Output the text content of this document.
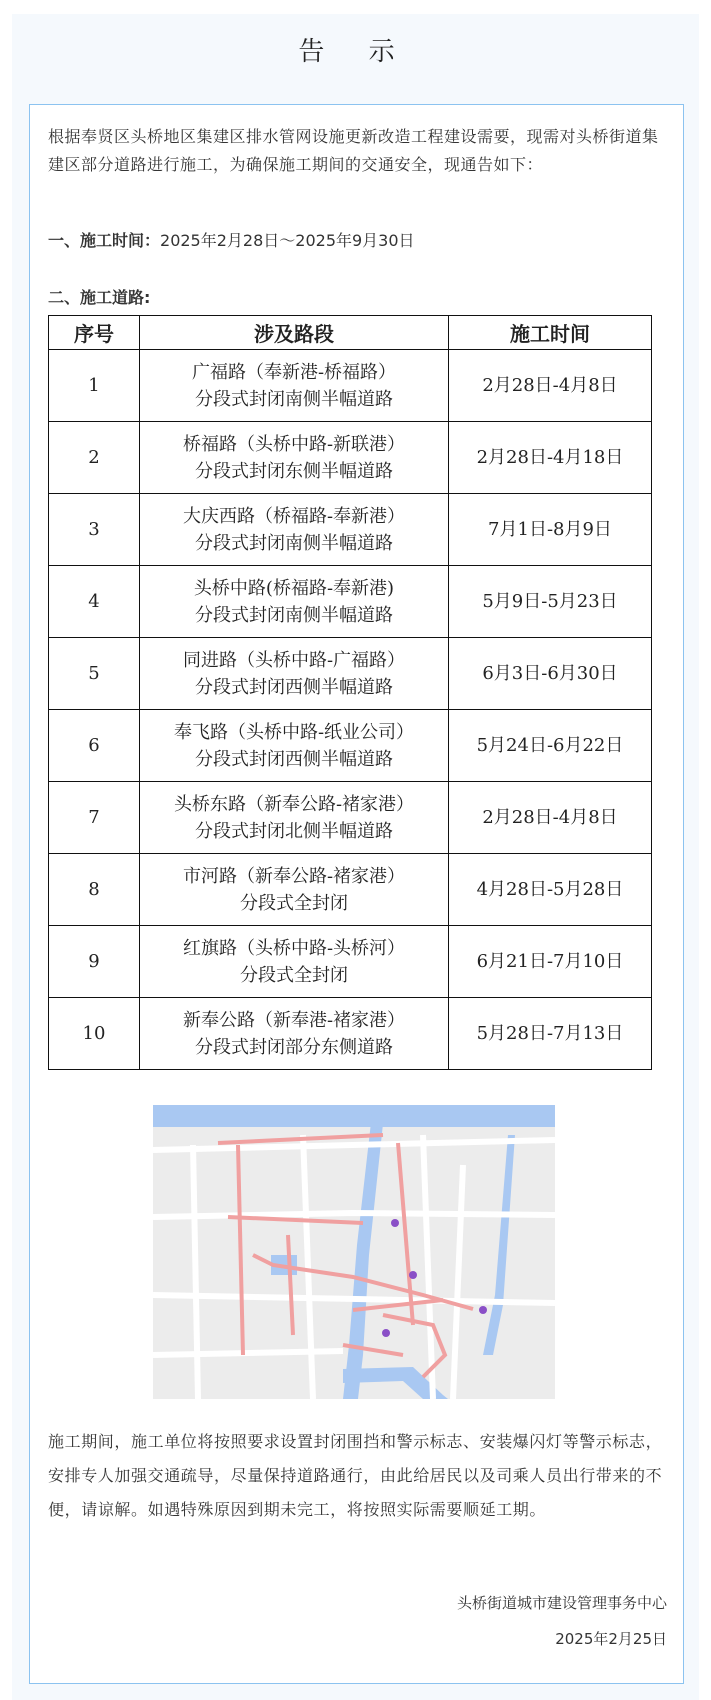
告 示
根据奉贤区头桥地区集建区排水管网设施更新改造工程建设需要，现需对头桥街道集建区部分道路进行施工，为确保施工期间的交通安全，现通告如下：
一、施工时间：2025年2月28日～2025年9月30日
二、施工道路:
序号	涉及路段	施工时间
1	广福路（奉新港-桥福路）
分段式封闭南侧半幅道路	2月28日-4月8日
2	桥福路（头桥中路-新联港）
分段式封闭东侧半幅道路	2月28日-4月18日
3	大庆西路（桥福路-奉新港）
分段式封闭南侧半幅道路	7月1日-8月9日
4	头桥中路(桥福路-奉新港)
分段式封闭南侧半幅道路	5月9日-5月23日
5	同进路（头桥中路-广福路）
分段式封闭西侧半幅道路	6月3日-6月30日
6	奉飞路（头桥中路-纸业公司）
分段式封闭西侧半幅道路	5月24日-6月22日
7	头桥东路（新奉公路-褚家港）
分段式封闭北侧半幅道路	2月28日-4月8日
8	市河路（新奉公路-褚家港）
分段式全封闭	4月28日-5月28日
9	红旗路（头桥中路-头桥河）
分段式全封闭	6月21日-7月10日
10	新奉公路（新奉港-褚家港）
分段式封闭部分东侧道路	5月28日-7月13日
施工期间，施工单位将按照要求设置封闭围挡和警示标志、安装爆闪灯等警示标志，安排专人加强交通疏导，尽量保持道路通行，由此给居民以及司乘人员出行带来的不便，请谅解。如遇特殊原因到期未完工，将按照实际需要顺延工期。
头桥街道城市建设管理事务中心
2025年2月25日
